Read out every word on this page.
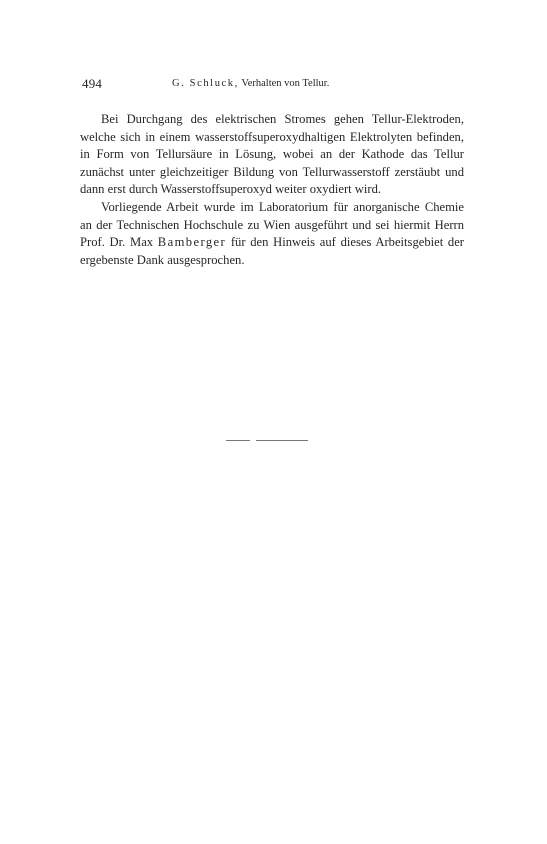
494	G. Schluck, Verhalten von Tellur.

Bei Durchgang des elektrischen Stromes gehen Tellur-Elektroden, welche sich in einem wasserstoffsuperoxydhaltigen Elektrolyten befinden, in Form von Tellursäure in Lösung, wobei an der Kathode das Tellur zunächst unter gleichzeitiger Bildung von Tellurwasserstoff zerstäubt und dann erst durch Wasserstoffsuperoxyd weiter oxydiert wird.

Vorliegende Arbeit wurde im Laboratorium für anorganische Chemie an der Technischen Hochschule zu Wien ausgeführt und sei hiermit Herrn Prof. Dr. Max Bamberger für den Hinweis auf dieses Arbeitsgebiet der ergebenste Dank ausgesprochen.
